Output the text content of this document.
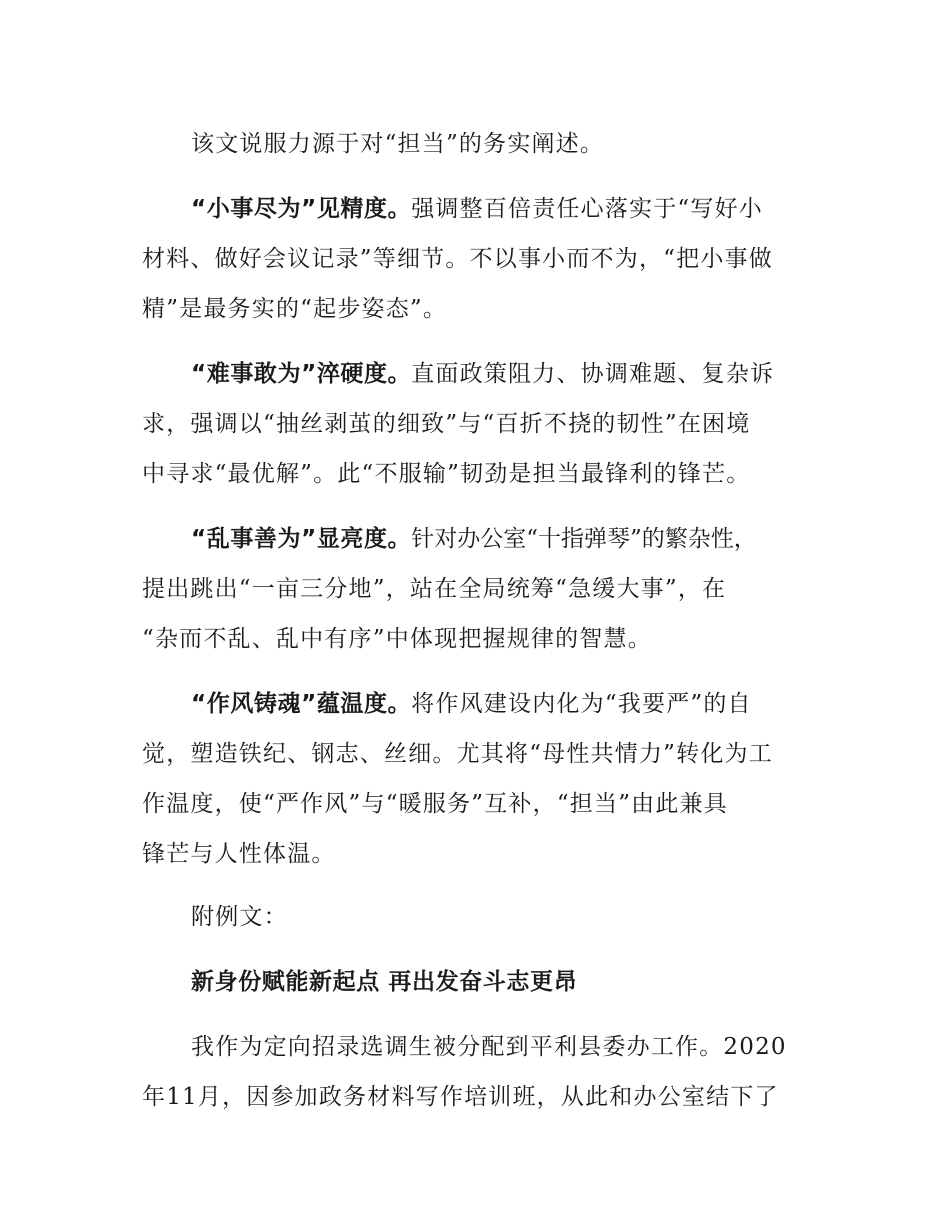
该文说服力源于对“担当”的务实阐述。
“小事尽为”见精度。强调整百倍责任心落实于“写好小
材料、做好会议记录”等细节。不以事小而不为，“把小事做
精”是最务实的“起步姿态”。
“难事敢为”淬硬度。直面政策阻力、协调难题、复杂诉
求，强调以“抽丝剥茧的细致”与“百折不挠的韧性”在困境
中寻求“最优解”。此“不服输”韧劲是担当最锋利的锋芒。
“乱事善为”显亮度。针对办公室“十指弹琴”的繁杂性，
提出跳出“一亩三分地”，站在全局统筹“急缓大事”，在
“杂而不乱、乱中有序”中体现把握规律的智慧。
“作风铸魂”蕴温度。将作风建设内化为“我要严”的自
觉，塑造铁纪、钢志、丝细。尤其将“母性共情力”转化为工
作温度，使“严作风”与“暖服务”互补，“担当”由此兼具
锋芒与人性体温。
附例文：
新身份赋能新起点 再出发奋斗志更昂
我作为定向招录选调生被分配到平利县委办工作。2020
年11月，因参加政务材料写作培训班，从此和办公室结下了
